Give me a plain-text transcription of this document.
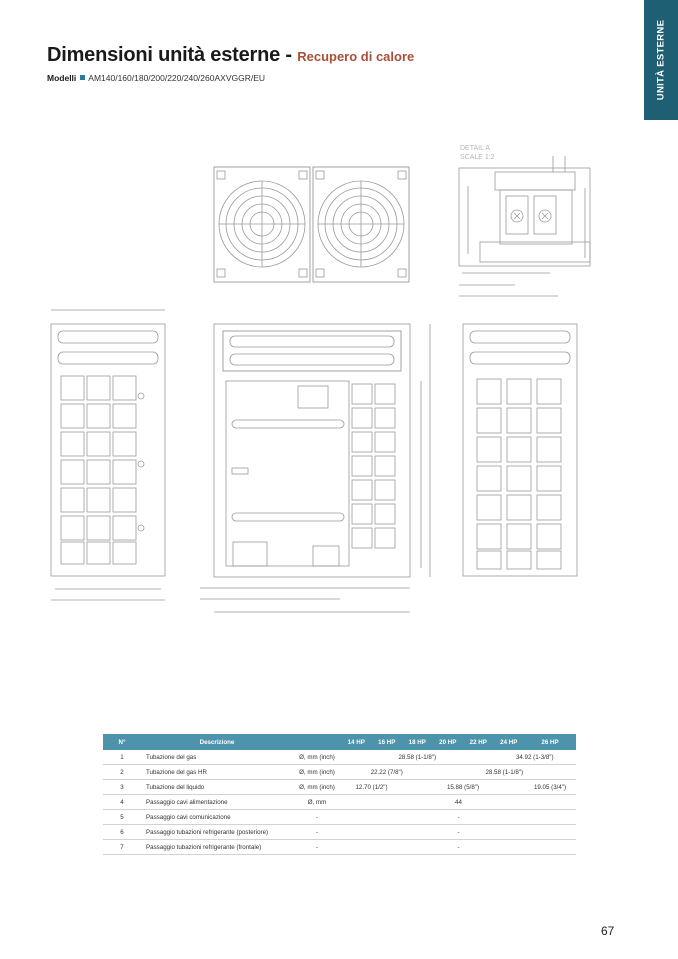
UNITÀ ESTERNE
Dimensioni unità esterne - Recupero di calore
Modelli AM140/160/180/200/220/240/260AXVGGR/EU
DETAIL A
SCALE 1:2
N°	Descrizione		14 HP	16 HP	18 HP	20 HP	22 HP	24 HP	26 HP
1	Tubazione del gas	Ø, mm (inch)	28.58 (1-1/8")					34.92 (1-3/8")	
2	Tubazione del gas HR	Ø, mm (inch)	22.22 (7/8")			28.58 (1-1/8")			
3	Tubazione del liquido	Ø, mm (inch)	12.70 (1/2")		15.88 (5/8")				19.05 (3/4")
4	Passaggio cavi alimentazione	Ø, mm	44						
5	Passaggio cavi comunicazione	-	-						
6	Passaggio tubazioni refrigerante (posteriore)	-	-						
7	Passaggio tubazioni refrigerante (frontale)	-	-						
67
